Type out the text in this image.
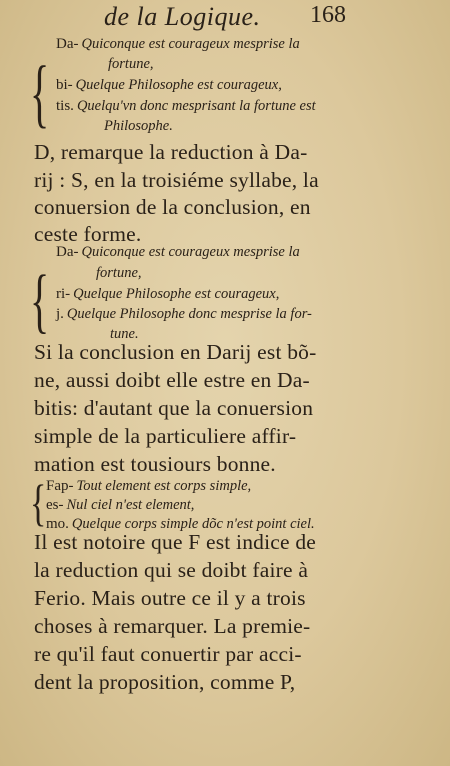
de la Logique. 168
{
Da- Quiconque est courageux mesprise la
fortune,
bi- Quelque Philosophe est courageux,
tis. Quelqu'vn donc mesprisant la fortune est
Philosophe.
D, remarque la reduction à Da-
rij : S, en la troisiéme syllabe, la
conuersion de la conclusion, en
ceste forme.
{
Da- Quiconque est courageux mesprise la
fortune,
ri- Quelque Philosophe est courageux,
j. Quelque Philosophe donc mesprise la for-
tune.
Si la conclusion en Darij est bõ-
ne, aussi doibt elle estre en Da-
bitis: d'autant que la conuersion
simple de la particuliere affir-
mation est tousiours bonne.
{ Fap- Tout element est corps simple,
es- Nul ciel n'est element,
mo. Quelque corps simple dõc n'est point ciel.
Il est notoire que F est indice de
la reduction qui se doibt faire à
Ferio. Mais outre ce il y a trois
choses à remarquer. La premie-
re qu'il faut conuertir par acci-
dent la proposition, comme P,
